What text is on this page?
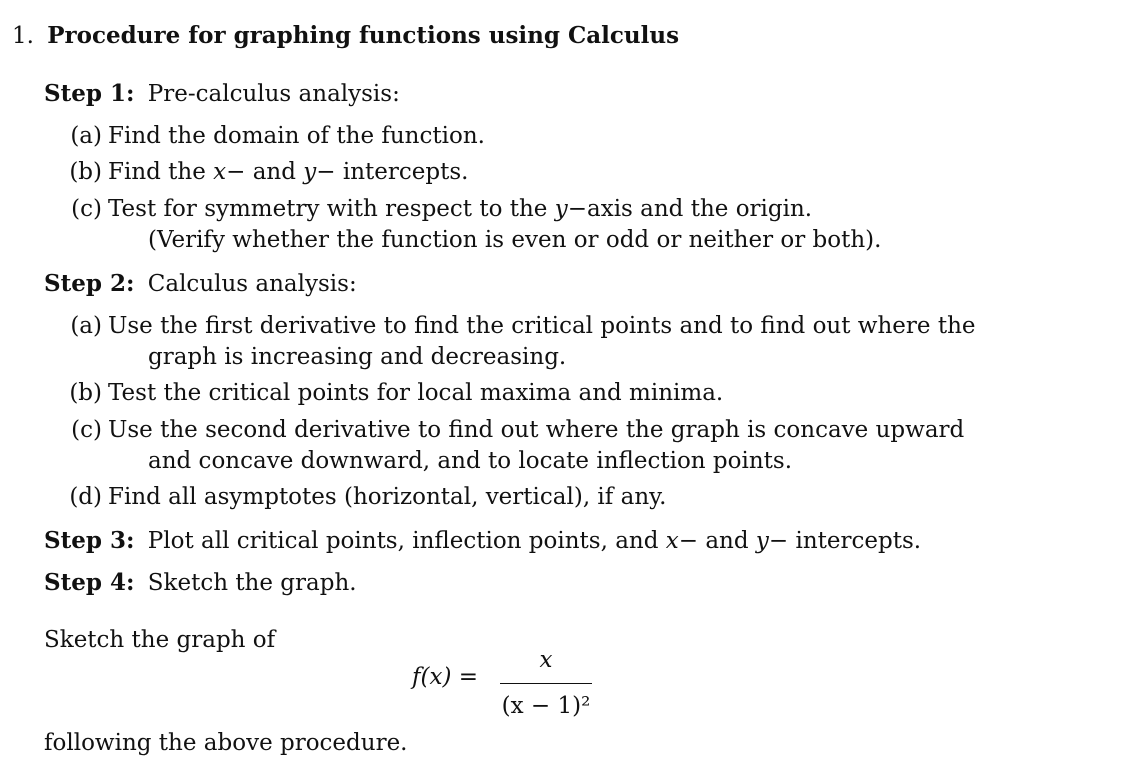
1. Procedure for graphing functions using Calculus
Step 1: Pre-calculus analysis:
(a) Find the domain of the function.
(b) Find the x− and y− intercepts.
(c) Test for symmetry with respect to the y−axis and the origin.
(Verify whether the function is even or odd or neither or both).
Step 2: Calculus analysis:
(a) Use the first derivative to find the critical points and to find out where the
graph is increasing and decreasing.
(b) Test the critical points for local maxima and minima.
(c) Use the second derivative to find out where the graph is concave upward
and concave downward, and to locate inflection points.
(d) Find all asymptotes (horizontal, vertical), if any.
Step 3: Plot all critical points, inflection points, and x− and y− intercepts.
Step 4: Sketch the graph.
Sketch the graph of
f(x) =
x
(x − 1)²
following the above procedure.
